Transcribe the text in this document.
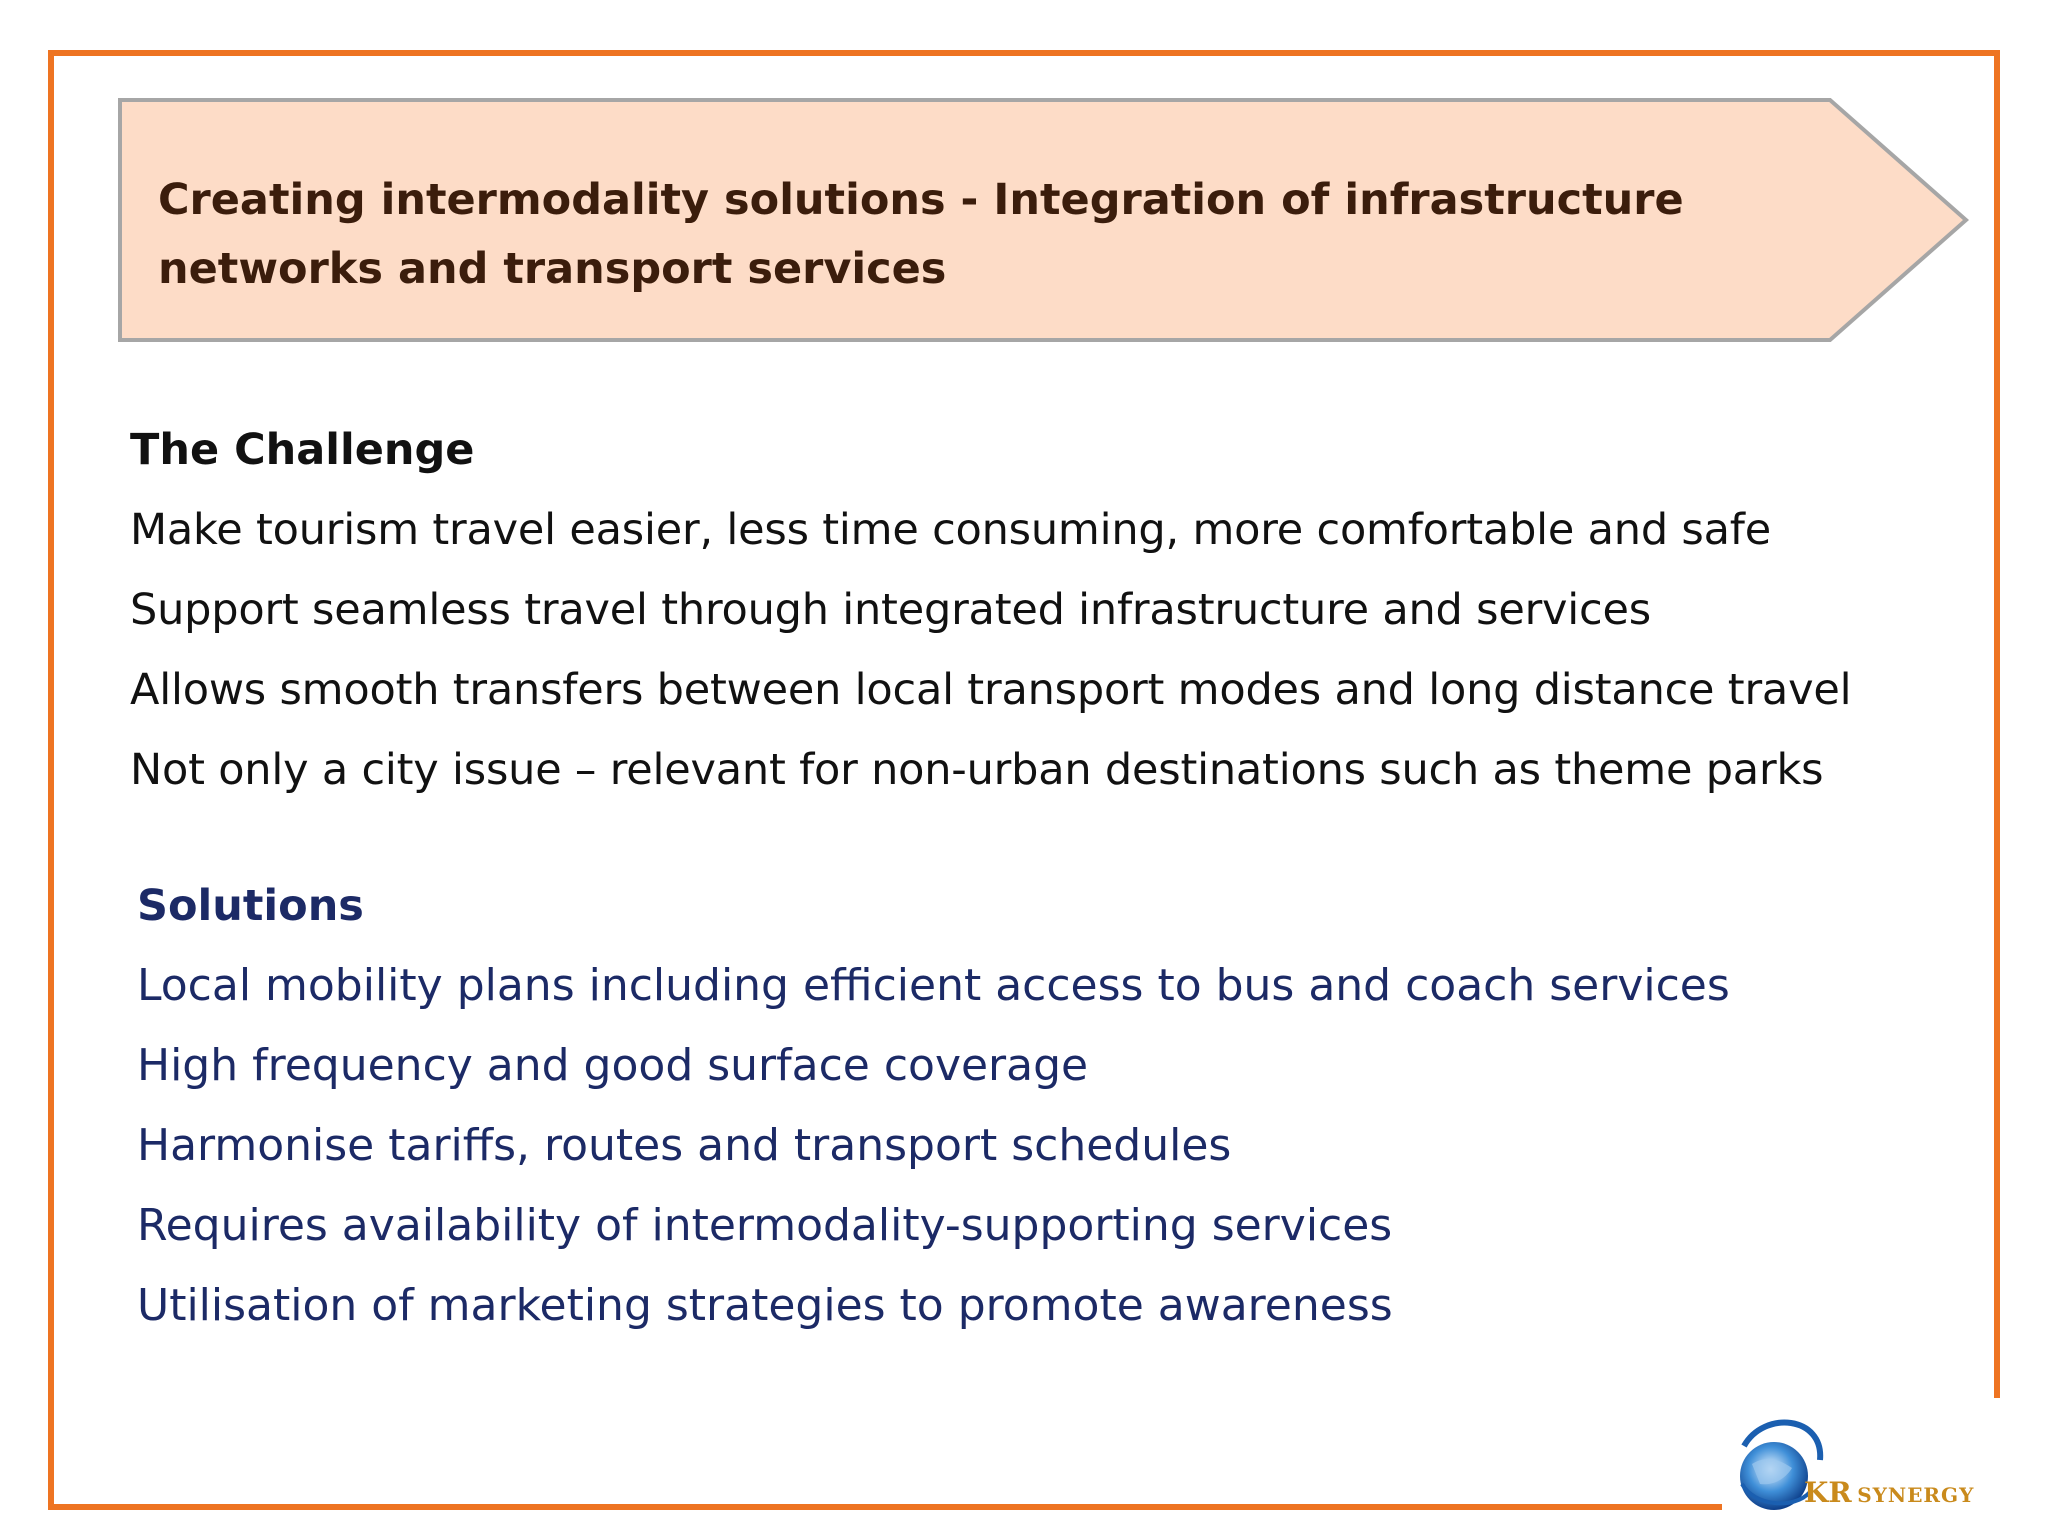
Creating intermodality solutions - Integration of infrastructure networks and transport services

The Challenge
Make tourism travel easier, less time consuming, more comfortable and safe
Support seamless travel through integrated infrastructure and services
Allows smooth transfers between local transport modes and long distance travel
Not only a city issue – relevant for non-urban destinations such as theme parks
Solutions
Local mobility plans including efficient access to bus and coach services
High frequency and good surface coverage
Harmonise tariffs, routes and transport schedules
Requires availability of intermodality-supporting services
Utilisation of marketing strategies to promote awareness
KR SYNERGY
